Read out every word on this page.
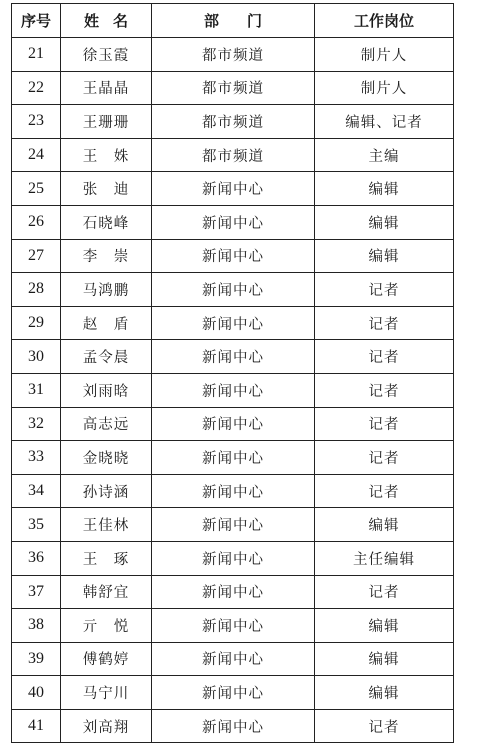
序号	姓名	部门	工作岗位
21	徐玉霞	都市频道	制片人
22	王晶晶	都市频道	制片人
23	王珊珊	都市频道	编辑、记者
24	王　姝	都市频道	主编
25	张　迪	新闻中心	编辑
26	石晓峰	新闻中心	编辑
27	李　崇	新闻中心	编辑
28	马鸿鹏	新闻中心	记者
29	赵　盾	新闻中心	记者
30	孟令晨	新闻中心	记者
31	刘雨晗	新闻中心	记者
32	高志远	新闻中心	记者
33	金晓晓	新闻中心	记者
34	孙诗涵	新闻中心	记者
35	王佳林	新闻中心	编辑
36	王　琢	新闻中心	主任编辑
37	韩舒宜	新闻中心	记者
38	亓　悦	新闻中心	编辑
39	傅鹤婷	新闻中心	编辑
40	马宁川	新闻中心	编辑
41	刘高翔	新闻中心	记者
